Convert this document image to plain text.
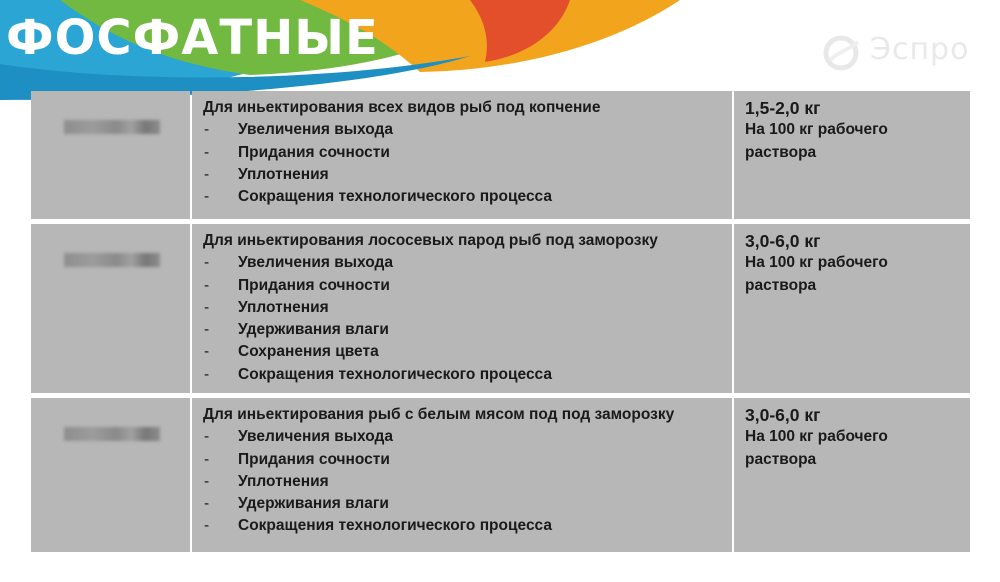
ФОСФАТНЫЕ	Эспро
Для иньектирования всех видов рыб под копчение
- Увеличения выхода
- Придания сочности
- Уплотнения
- Сокращения технологического процесса
1,5-2,0 кг
На 100 кг рабочего
раствора
Для иньектирования лососевых парод рыб под заморозку
- Увеличения выхода
- Придания сочности
- Уплотнения
- Удерживания влаги
- Сохранения цвета
- Сокращения технологического процесса
3,0-6,0 кг
На 100 кг рабочего
раствора
Для иньектирования рыб с белым мясом под под заморозку
- Увеличения выхода
- Придания сочности
- Уплотнения
- Удерживания влаги
- Сокращения технологического процесса
3,0-6,0 кг
На 100 кг рабочего
раствора
